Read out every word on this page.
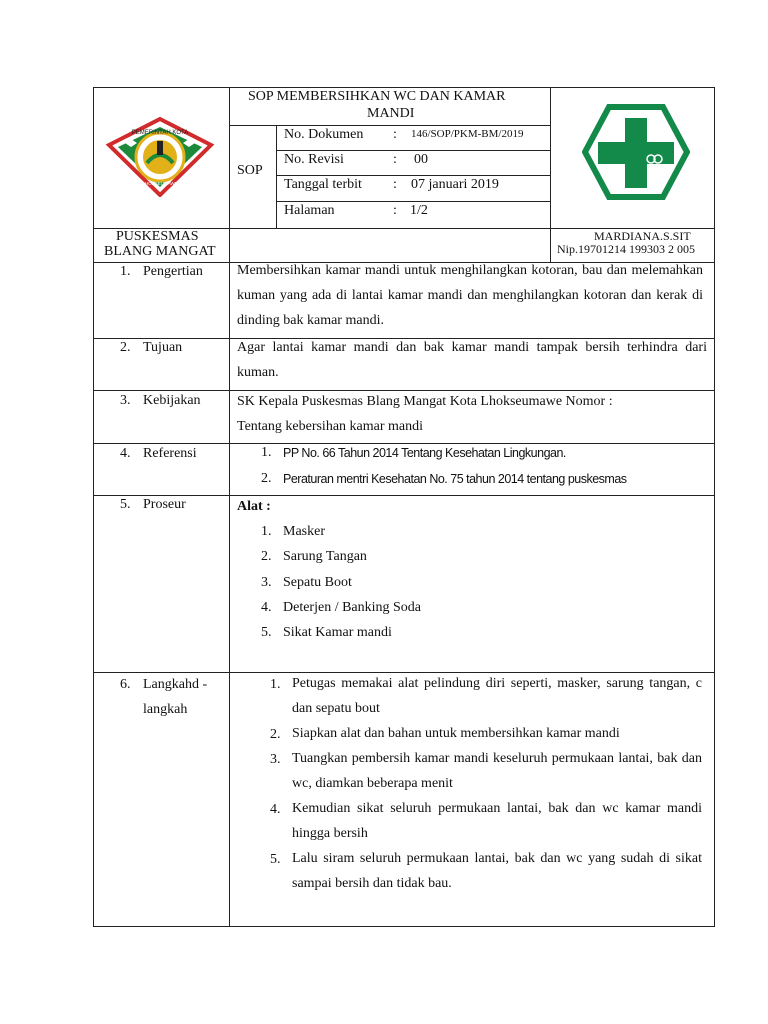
PEMERINTAH KOTA
LHOKSEUMAWE
SOP MEMBERSIHKAN WC DAN KAMAR
MANDI
SOP
No. Dokumen : 146/SOP/PKM-BM/2019
No. Revisi	: 00
Tanggal terbit : 07 januari 2019
Halaman	: 1/2
PUSKESMAS
BLANG MANGAT
MARDIANA.S.SIT
Nip.19701214 199303 2 005
1. Pengertian Membersihkan kamar mandi untuk menghilangkan kotoran, bau dan melemahkan kuman yang ada di lantai kamar mandi dan menghilangkan kotoran dan kerak di dinding bak kamar mandi.
2. Tujuan	Agar lantai kamar mandi dan bak kamar mandi tampak bersih terhindra dari kuman.
3. Kebijakan	SK Kepala Puskesmas Blang Mangat Kota Lhokseumawe Nomor :
Tentang kebersihan kamar mandi
4. Referensi	1. PP No. 66 Tahun 2014 Tentang Kesehatan Lingkungan.
2. Peraturan mentri Kesehatan No. 75 tahun 2014 tentang puskesmas
5. Proseur	Alat :
1. Masker
2. Sarung Tangan
3. Sepatu Boot
4. Deterjen / Banking Soda
5. Sikat Kamar mandi
6. Langkahd -
langkah
1. Petugas memakai alat pelindung diri seperti, masker, sarung tangan, c dan sepatu bout
2. Siapkan alat dan bahan untuk membersihkan kamar mandi
3. Tuangkan pembersih kamar mandi keseluruh permukaan lantai, bak dan wc, diamkan beberapa menit
4. Kemudian sikat seluruh permukaan lantai, bak dan wc kamar mandi hingga bersih
5. Lalu siram seluruh permukaan lantai, bak dan wc yang sudah di sikat sampai bersih dan tidak bau.
